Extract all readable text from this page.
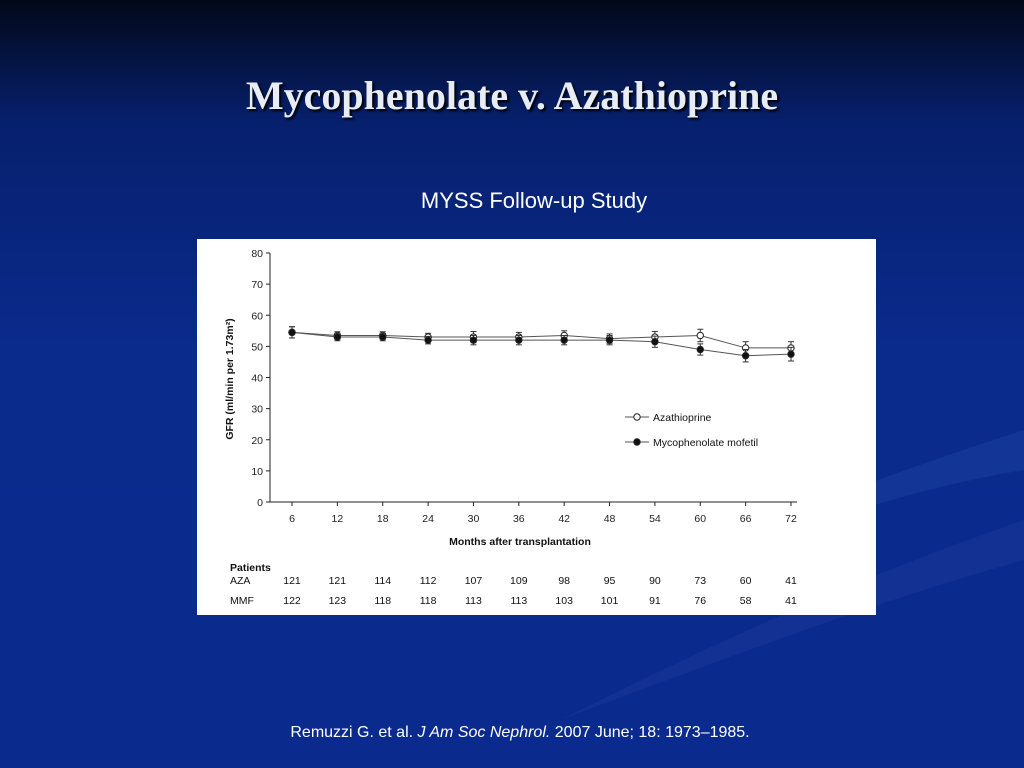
Mycophenolate v. Azathioprine
MYSS Follow-up Study
0
10
20
30
40
50
60
70
80
6	12	18	24	30	36	42	48	54	60	66	72
Azathioprine
Mycophenolate mofetil
Months after transplantation
GFR (ml/min per 1.73m²)
Patients
AZA	121	121	114	112	107	109	98	95	90	73	60	41
MMF	122	123	118	118	113	113	103	101	91	76	58	41
Remuzzi G. et al. J Am Soc Nephrol. 2007 June; 18: 1973–1985.
